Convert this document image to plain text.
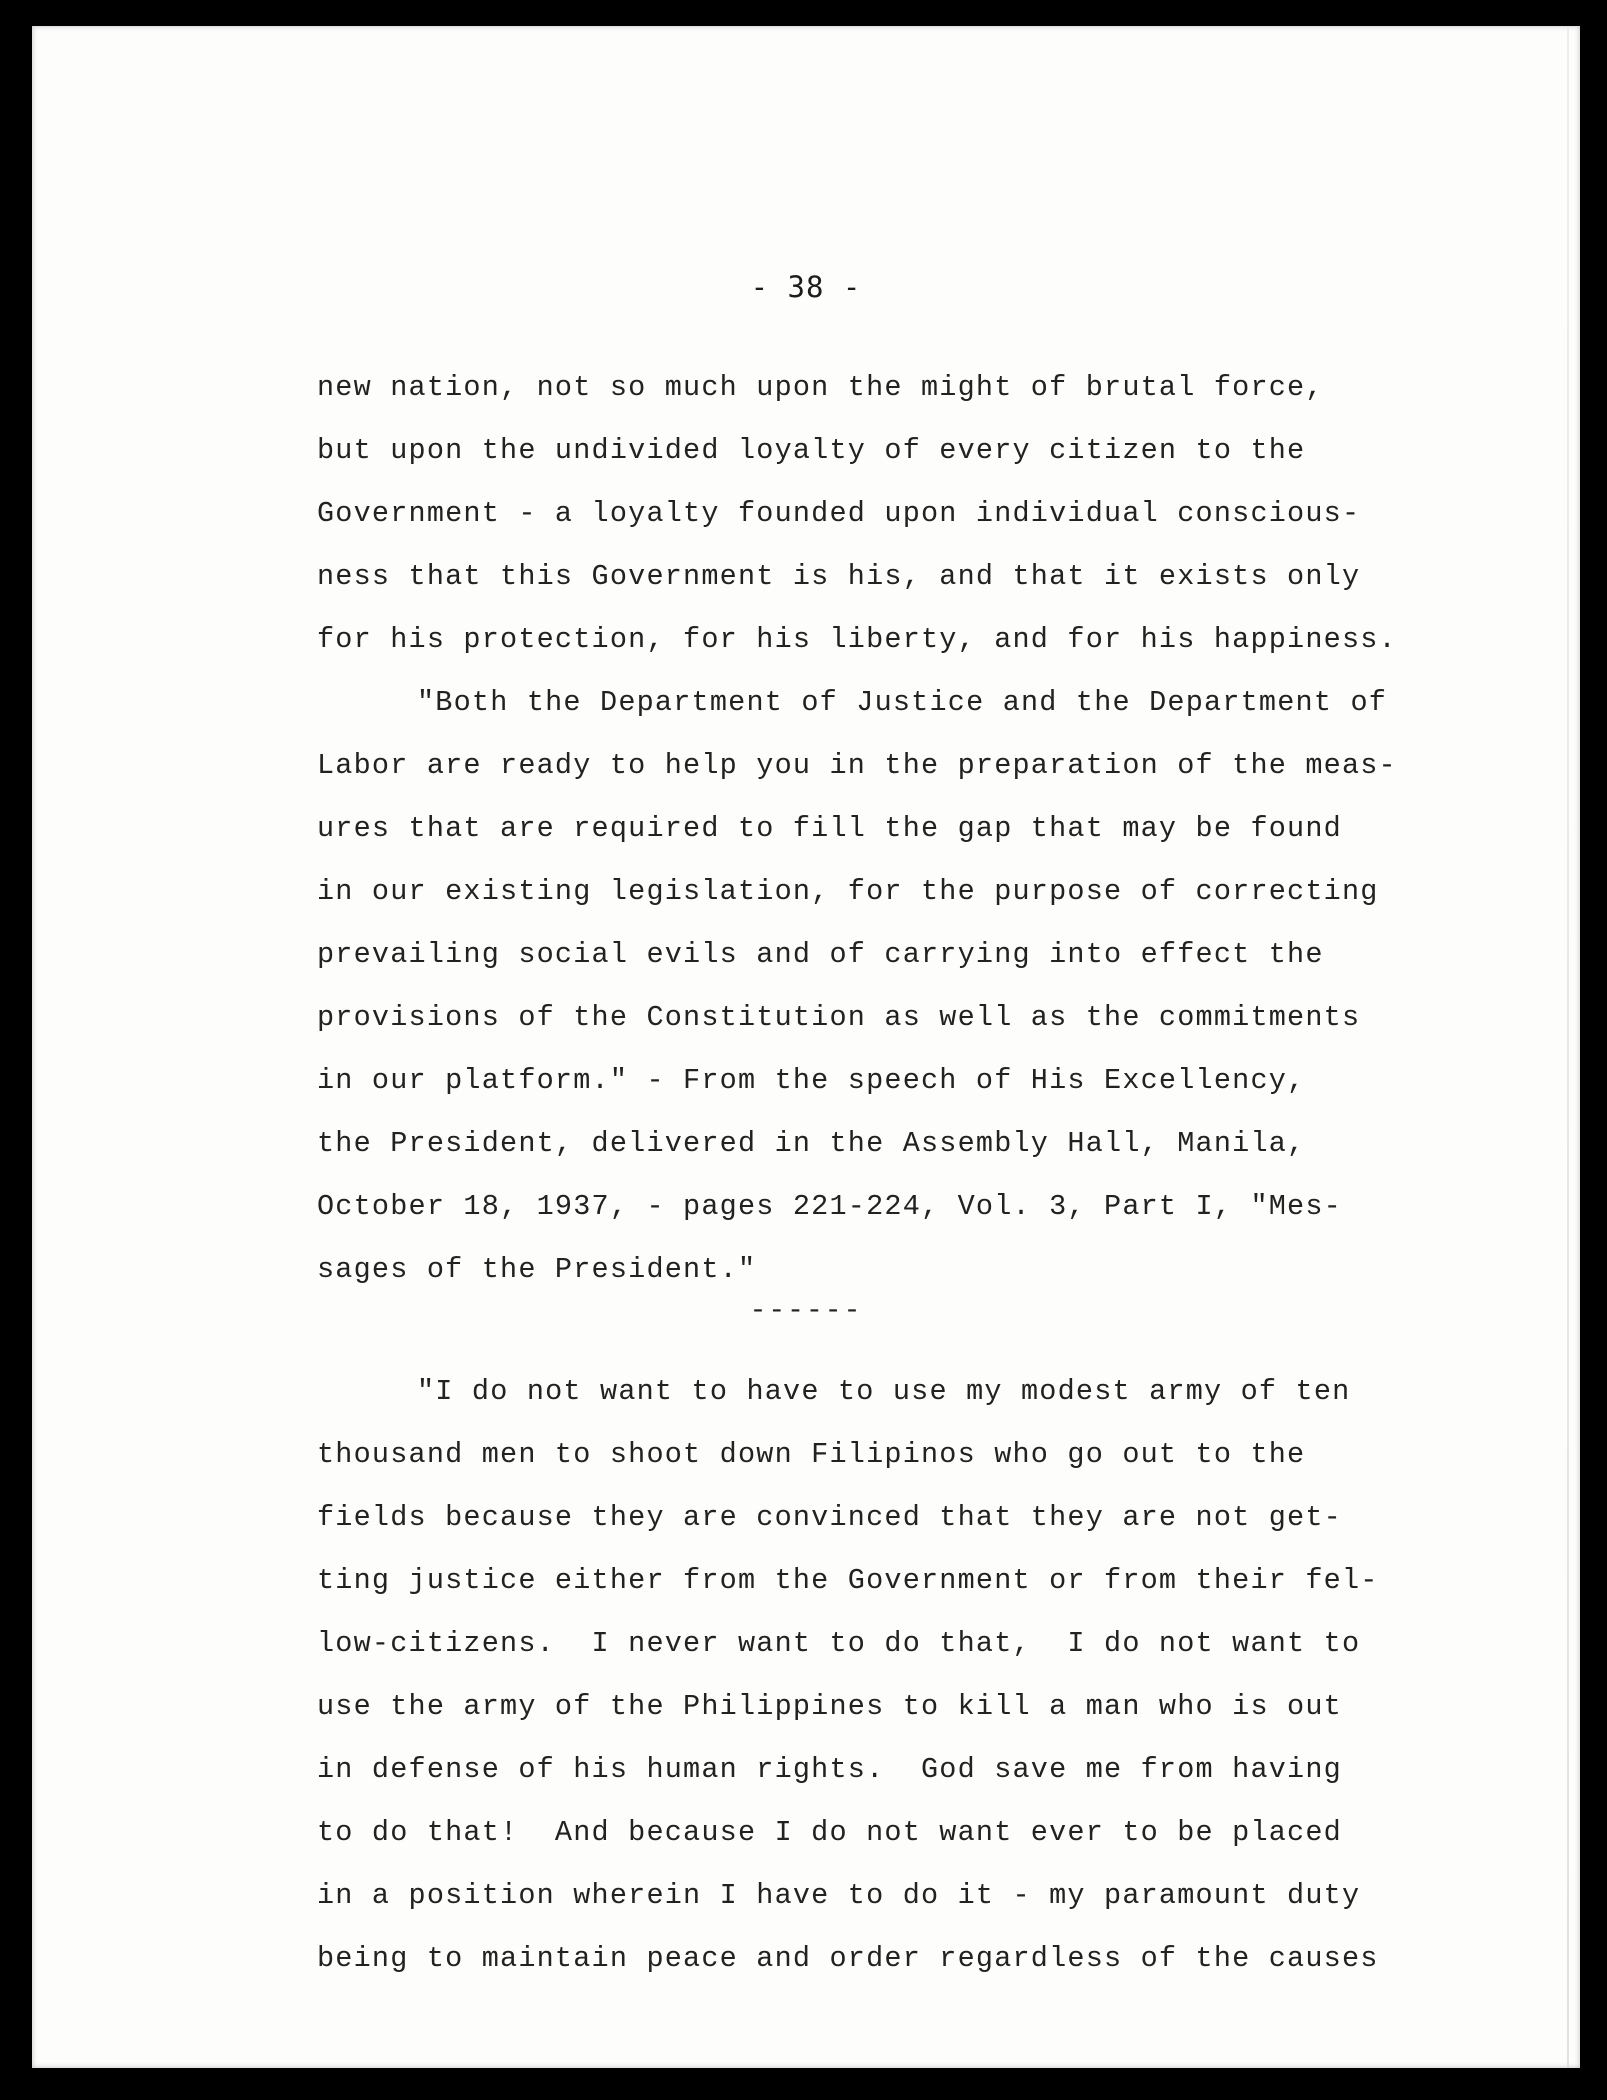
- 38 -
new nation, not so much upon the might of brutal force,
but upon the undivided loyalty of every citizen to the
Government - a loyalty founded upon individual conscious-
ness that this Government is his, and that it exists only
for his protection, for his liberty, and for his happiness.
"Both the Department of Justice and the Department of
Labor are ready to help you in the preparation of the meas-
ures that are required to fill the gap that may be found
in our existing legislation, for the purpose of correcting
prevailing social evils and of carrying into effect the
provisions of the Constitution as well as the commitments
in our platform." - From the speech of His Excellency,
the President, delivered in the Assembly Hall, Manila,
October 18, 1937, - pages 221-224, Vol. 3, Part I, "Mes-
sages of the President."
------
"I do not want to have to use my modest army of ten
thousand men to shoot down Filipinos who go out to the
fields because they are convinced that they are not get-
ting justice either from the Government or from their fel-
low-citizens.  I never want to do that,  I do not want to
use the army of the Philippines to kill a man who is out
in defense of his human rights.  God save me from having
to do that!  And because I do not want ever to be placed
in a position wherein I have to do it - my paramount duty
being to maintain peace and order regardless of the causes
